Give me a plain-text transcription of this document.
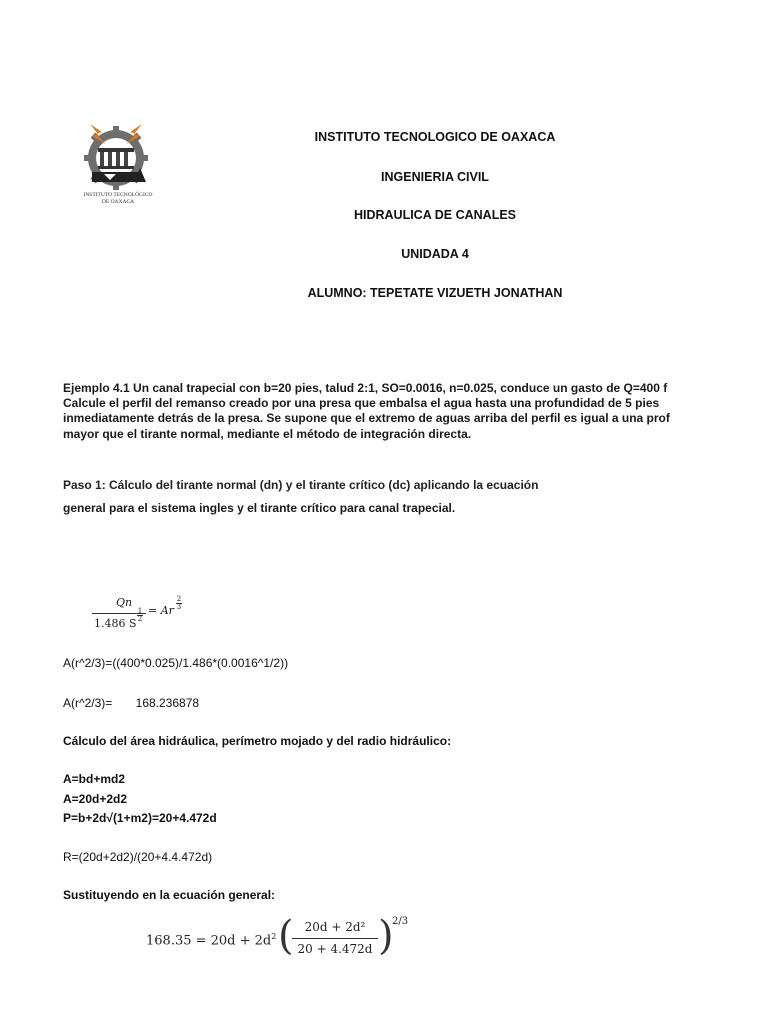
INSTITUTO TECNOLOGICO DE OAXACA
INGENIERIA CIVIL
HIDRAULICA DE CANALES
UNIDADA 4
ALUMNO: TEPETATE VIZUETH JONATHAN
INSTITUTO TECNOLÓGICO
DE OAXACA
Ejemplo 4.1 Un canal trapecial con b=20 pies, talud 2:1, SO=0.0016, n=0.025, conduce un gasto de Q=400 f
Calcule el perfil del remanso creado por una presa que embalsa el agua hasta una profundidad de 5 pies
inmediatamente detrás de la presa. Se supone que el extremo de aguas arriba del perfil es igual a una prof
mayor que el tirante normal, mediante el método de integración directa.
Paso 1: Cálculo del tirante normal (dn) y el tirante crítico (dc) aplicando la ecuación
general para el sistema ingles y el tirante crítico para canal trapecial.
Qn
1.486 S
1
2
= Ar
2
3
A(r^2/3)=((400*0.025)/1.486*(0.0016^1/2))
A(r^2/3)= 168.236878
Cálculo del área hidráulica, perímetro mojado y del radio hidráulico:
A=bd+md2
A=20d+2d2
P=b+2d√(1+m2)=20+4.472d
R=(20d+2d2)/(20+4.4.472d)
Sustituyendo en la ecuación general:
$168.35 = 20d + 2d^2$ ( 20d + 2d²
20 + 4.472d )
2/3
